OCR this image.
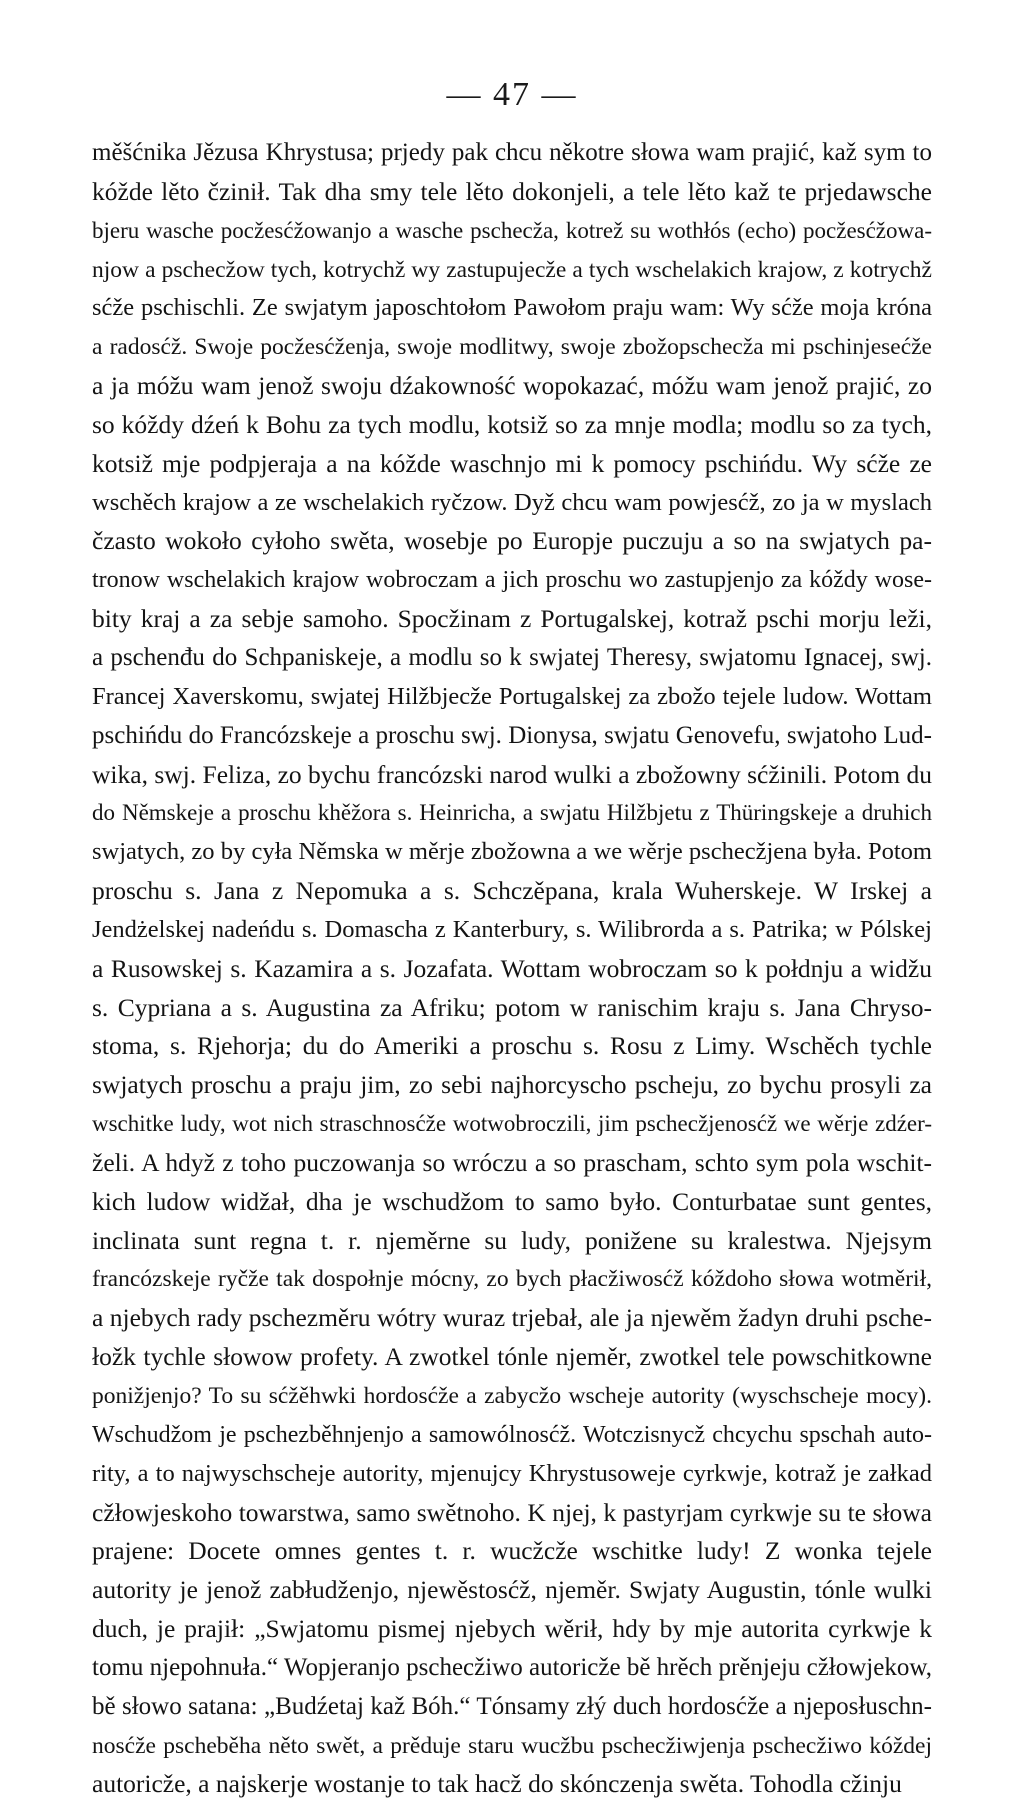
— 47 —
měšćnika Jězusa Khrystusa; prjedy pak chcu někotre słowa wam prajić, kaž sym to
kóždе lěto čzinił. Tak dha smy tele lěto dokonjeli, a tele lěto kaž te prjedawsche
bjeru wasche pocžesćžowanjo a wasche pschecža, kotrež su wothłós (echo) pocžesćžowa-
njow a pschecžow tych, kotrychž wy zastupujecže a tych wschelakich krajow, z kotrychž
sćže pschischli. Ze swjatym japoschtołom Pawołom praju wam: Wy sćže moja króna
a radosćž. Swoje pocžesćženja, swoje modlitwy, swoje zbožopschecža mi pschinjesećže
a ja móžu wam jenož swoju dźakowność wopokazać, móžu wam jenož prajić, zo
so kóždy dźeń k Bohu za tych modlu, kotsiž so za mnje modla; modlu so za tych,
kotsiž mje podpjeraja a na kóždе waschnjo mi k pomocy pschińdu. Wy sćže ze
wschěch krajow a ze wschelakich ryčzow. Dyž chcu wam powjesćž, zo ja w myslach
čzasto wokoło cyłoho swěta, wosebje po Europje puczuju a so na swjatych pa-
tronow wschelakich krajow wobroczam a jich proschu wo zastupjenjo za kóždy wose-
bity kraj a za sebje samoho. Spocžinam z Portugalskej, kotraž pschi morju leži,
a pschenđu do Schpaniskeje, a modlu so k swjatej Theresy, swjatomu Ignacej, swj.
Francej Xaverskomu, swjatej Hilžbjecže Portugalskej za zbožo tejele ludow. Wottam
pschińdu do Francózskeje a proschu swj. Dionysa, swjatu Genovefu, swjatoho Lud-
wika, swj. Feliza, zo bychu francózski narod wulki a zbožowny sćžinili. Potom du
do Němskeje a proschu khěžora s. Heinricha, a swjatu Hilžbjetu z Thüringskeje a druhich
swjatych, zo by cyła Němska w měrje zbožowna a we wěrje pschecžjena była. Potom
proschu s. Jana z Nepomuka a s. Schczěpana, krala Wuherskeje. W Irskej a
Jendżelskej nadeńdu s. Domascha z Kanterbury, s. Wilibrorda a s. Patrika; w Pólskej
a Rusowskej s. Kazamira a s. Jozafata. Wottam wobroczam so k połdnju a widžu
s. Cypriana a s. Augustina za Afriku; potom w ranischim kraju s. Jana Chryso-
stoma, s. Rjehorja; du do Ameriki a proschu s. Rosu z Limy. Wschěch tychle
swjatych proschu a praju jim, zo sebi najhorcyscho pscheju, zo bychu prosyli za
wschitke ludy, wot nich straschnosćže wotwobroczili, jim pschecžjenosćž we wěrje zdźer-
želi. A hdyž z toho puczowanja so wróczu a so prascham, schto sym pola wschit-
kich ludow widžał, dha je wschudžom to samo było. Conturbatae sunt gentes,
inclinata sunt regna t. r. njeměrne su ludy, ponižene su kralestwa. Njejsym
francózskeje ryčže tak dospołnje mócny, zo bych płacžiwosćž kóždoho słowa wotměrił,
a njebych rady pschezměru wótry wuraz trjebał, ale ja njewěm žadyn druhi psche-
łožk tychle słowow profety. A zwotkel tónle njeměr, zwotkel tele powschitkowne
ponižjenjo? To su sćžěhwki hordosćže a zabycžo wscheje autority (wyschscheje mocy).
Wschudžom je pschezběhnjenjo a samowólnosćž. Wotczisnycž chcychu spschah auto-
rity, a to najwyschscheje autority, mjenujcy Khrystusoweje cyrkwje, kotraž je załkad
cžłowjeskoho towarstwa, samo swětnoho. K njej, k pastyrjam cyrkwje su te słowa
prajene: Docete omnes gentes t. r. wucžcže wschitke ludy! Z wonka tejele
autority je jenož zabłudženjo, njewěstosćž, njeměr. Swjaty Augustin, tónle wulki
duch, je prajił: „Swjatomu pismej njebych wěrił, hdy by mje autorita cyrkwje k
tomu njepohnuła.“ Wopjeranjo pschecžiwo autoricže bě hrěch prěnjeju cžłowjekow,
bě słowo satana: „Budźetaj kaž Bóh.“ Tónsamy złý duch hordosćže a njeposłuschn-
nosćže pscheběha něto swět, a prěduje staru wucžbu pschecžiwjenja pschecžiwo kóždej
autoricže, a najskerje wostanje to tak hacž do skónczenja swěta. Tohodla cžinju
